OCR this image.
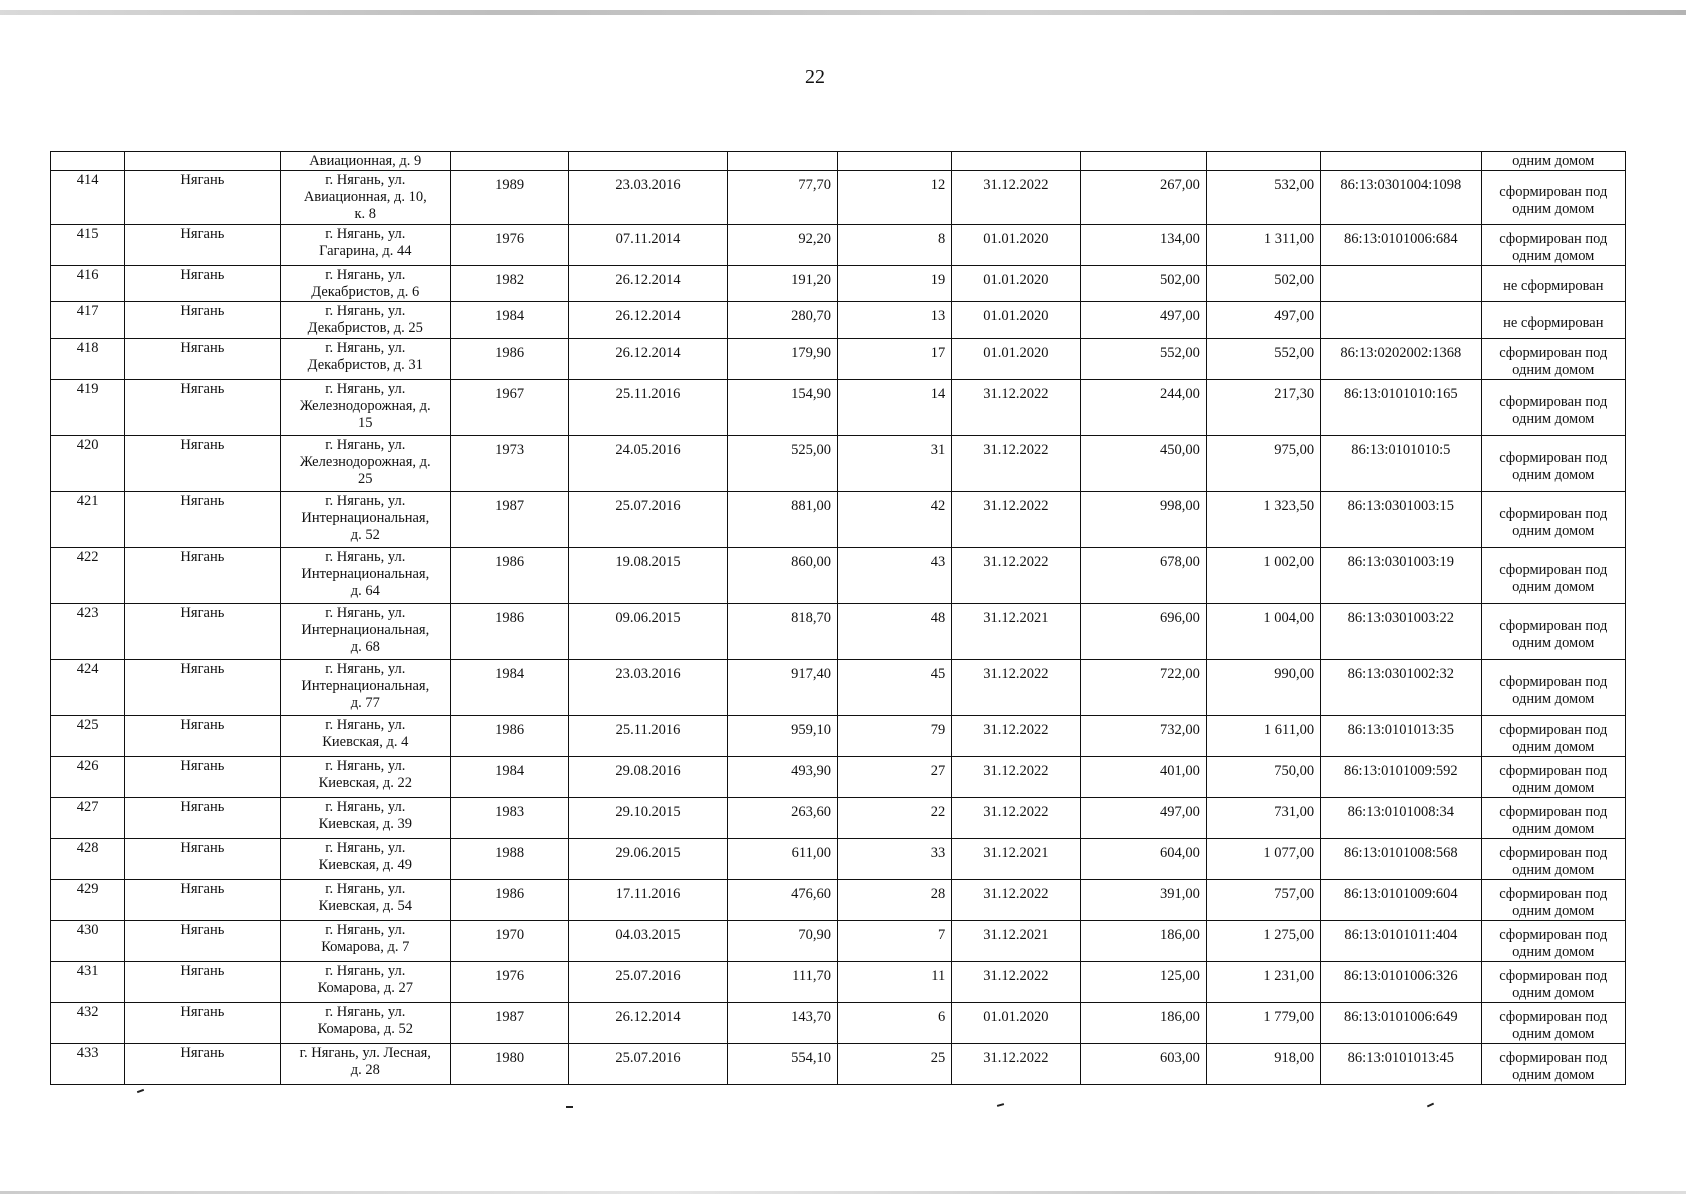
22
		Авиационная, д. 9									одним домом
414	Нягань	г. Нягань, ул.
Авиационная, д. 10,
к. 8	1989	23.03.2016	77,70	12	31.12.2022	267,00	532,00	86:13:0301004:1098	сформирован под
одним домом

415	Нягань	г. Нягань, ул.
Гагарина, д. 44	1976	07.11.2014	92,20	8	01.01.2020	134,00	1 311,00	86:13:0101006:684	сформирован под
одним домом

416	Нягань	г. Нягань, ул.
Декабристов, д. 6	1982	26.12.2014	191,20	19	01.01.2020	502,00	502,00		не сформирован

417	Нягань	г. Нягань, ул.
Декабристов, д. 25	1984	26.12.2014	280,70	13	01.01.2020	497,00	497,00		не сформирован

418	Нягань	г. Нягань, ул.
Декабристов, д. 31	1986	26.12.2014	179,90	17	01.01.2020	552,00	552,00	86:13:0202002:1368	сформирован под
одним домом

419	Нягань	г. Нягань, ул.
Железнодорожная, д.
15	1967	25.11.2016	154,90	14	31.12.2022	244,00	217,30	86:13:0101010:165	сформирован под
одним домом

420	Нягань	г. Нягань, ул.
Железнодорожная, д.
25	1973	24.05.2016	525,00	31	31.12.2022	450,00	975,00	86:13:0101010:5	сформирован под
одним домом

421	Нягань	г. Нягань, ул.
Интернациональная,
д. 52	1987	25.07.2016	881,00	42	31.12.2022	998,00	1 323,50	86:13:0301003:15	сформирован под
одним домом

422	Нягань	г. Нягань, ул.
Интернациональная,
д. 64	1986	19.08.2015	860,00	43	31.12.2022	678,00	1 002,00	86:13:0301003:19	сформирован под
одним домом

423	Нягань	г. Нягань, ул.
Интернациональная,
д. 68	1986	09.06.2015	818,70	48	31.12.2021	696,00	1 004,00	86:13:0301003:22	сформирован под
одним домом

424	Нягань	г. Нягань, ул.
Интернациональная,
д. 77	1984	23.03.2016	917,40	45	31.12.2022	722,00	990,00	86:13:0301002:32	сформирован под
одним домом

425	Нягань	г. Нягань, ул.
Киевская, д. 4	1986	25.11.2016	959,10	79	31.12.2022	732,00	1 611,00	86:13:0101013:35	сформирован под
одним домом

426	Нягань	г. Нягань, ул.
Киевская, д. 22	1984	29.08.2016	493,90	27	31.12.2022	401,00	750,00	86:13:0101009:592	сформирован под
одним домом

427	Нягань	г. Нягань, ул.
Киевская, д. 39	1983	29.10.2015	263,60	22	31.12.2022	497,00	731,00	86:13:0101008:34	сформирован под
одним домом

428	Нягань	г. Нягань, ул.
Киевская, д. 49	1988	29.06.2015	611,00	33	31.12.2021	604,00	1 077,00	86:13:0101008:568	сформирован под
одним домом

429	Нягань	г. Нягань, ул.
Киевская, д. 54	1986	17.11.2016	476,60	28	31.12.2022	391,00	757,00	86:13:0101009:604	сформирован под
одним домом

430	Нягань	г. Нягань, ул.
Комарова, д. 7	1970	04.03.2015	70,90	7	31.12.2021	186,00	1 275,00	86:13:0101011:404	сформирован под
одним домом

431	Нягань	г. Нягань, ул.
Комарова, д. 27	1976	25.07.2016	111,70	11	31.12.2022	125,00	1 231,00	86:13:0101006:326	сформирован под
одним домом

432	Нягань	г. Нягань, ул.
Комарова, д. 52	1987	26.12.2014	143,70	6	01.01.2020	186,00	1 779,00	86:13:0101006:649	сформирован под
одним домом

433	Нягань	г. Нягань, ул. Лесная,
д. 28	1980	25.07.2016	554,10	25	31.12.2022	603,00	918,00	86:13:0101013:45	сформирован под
одним домом
